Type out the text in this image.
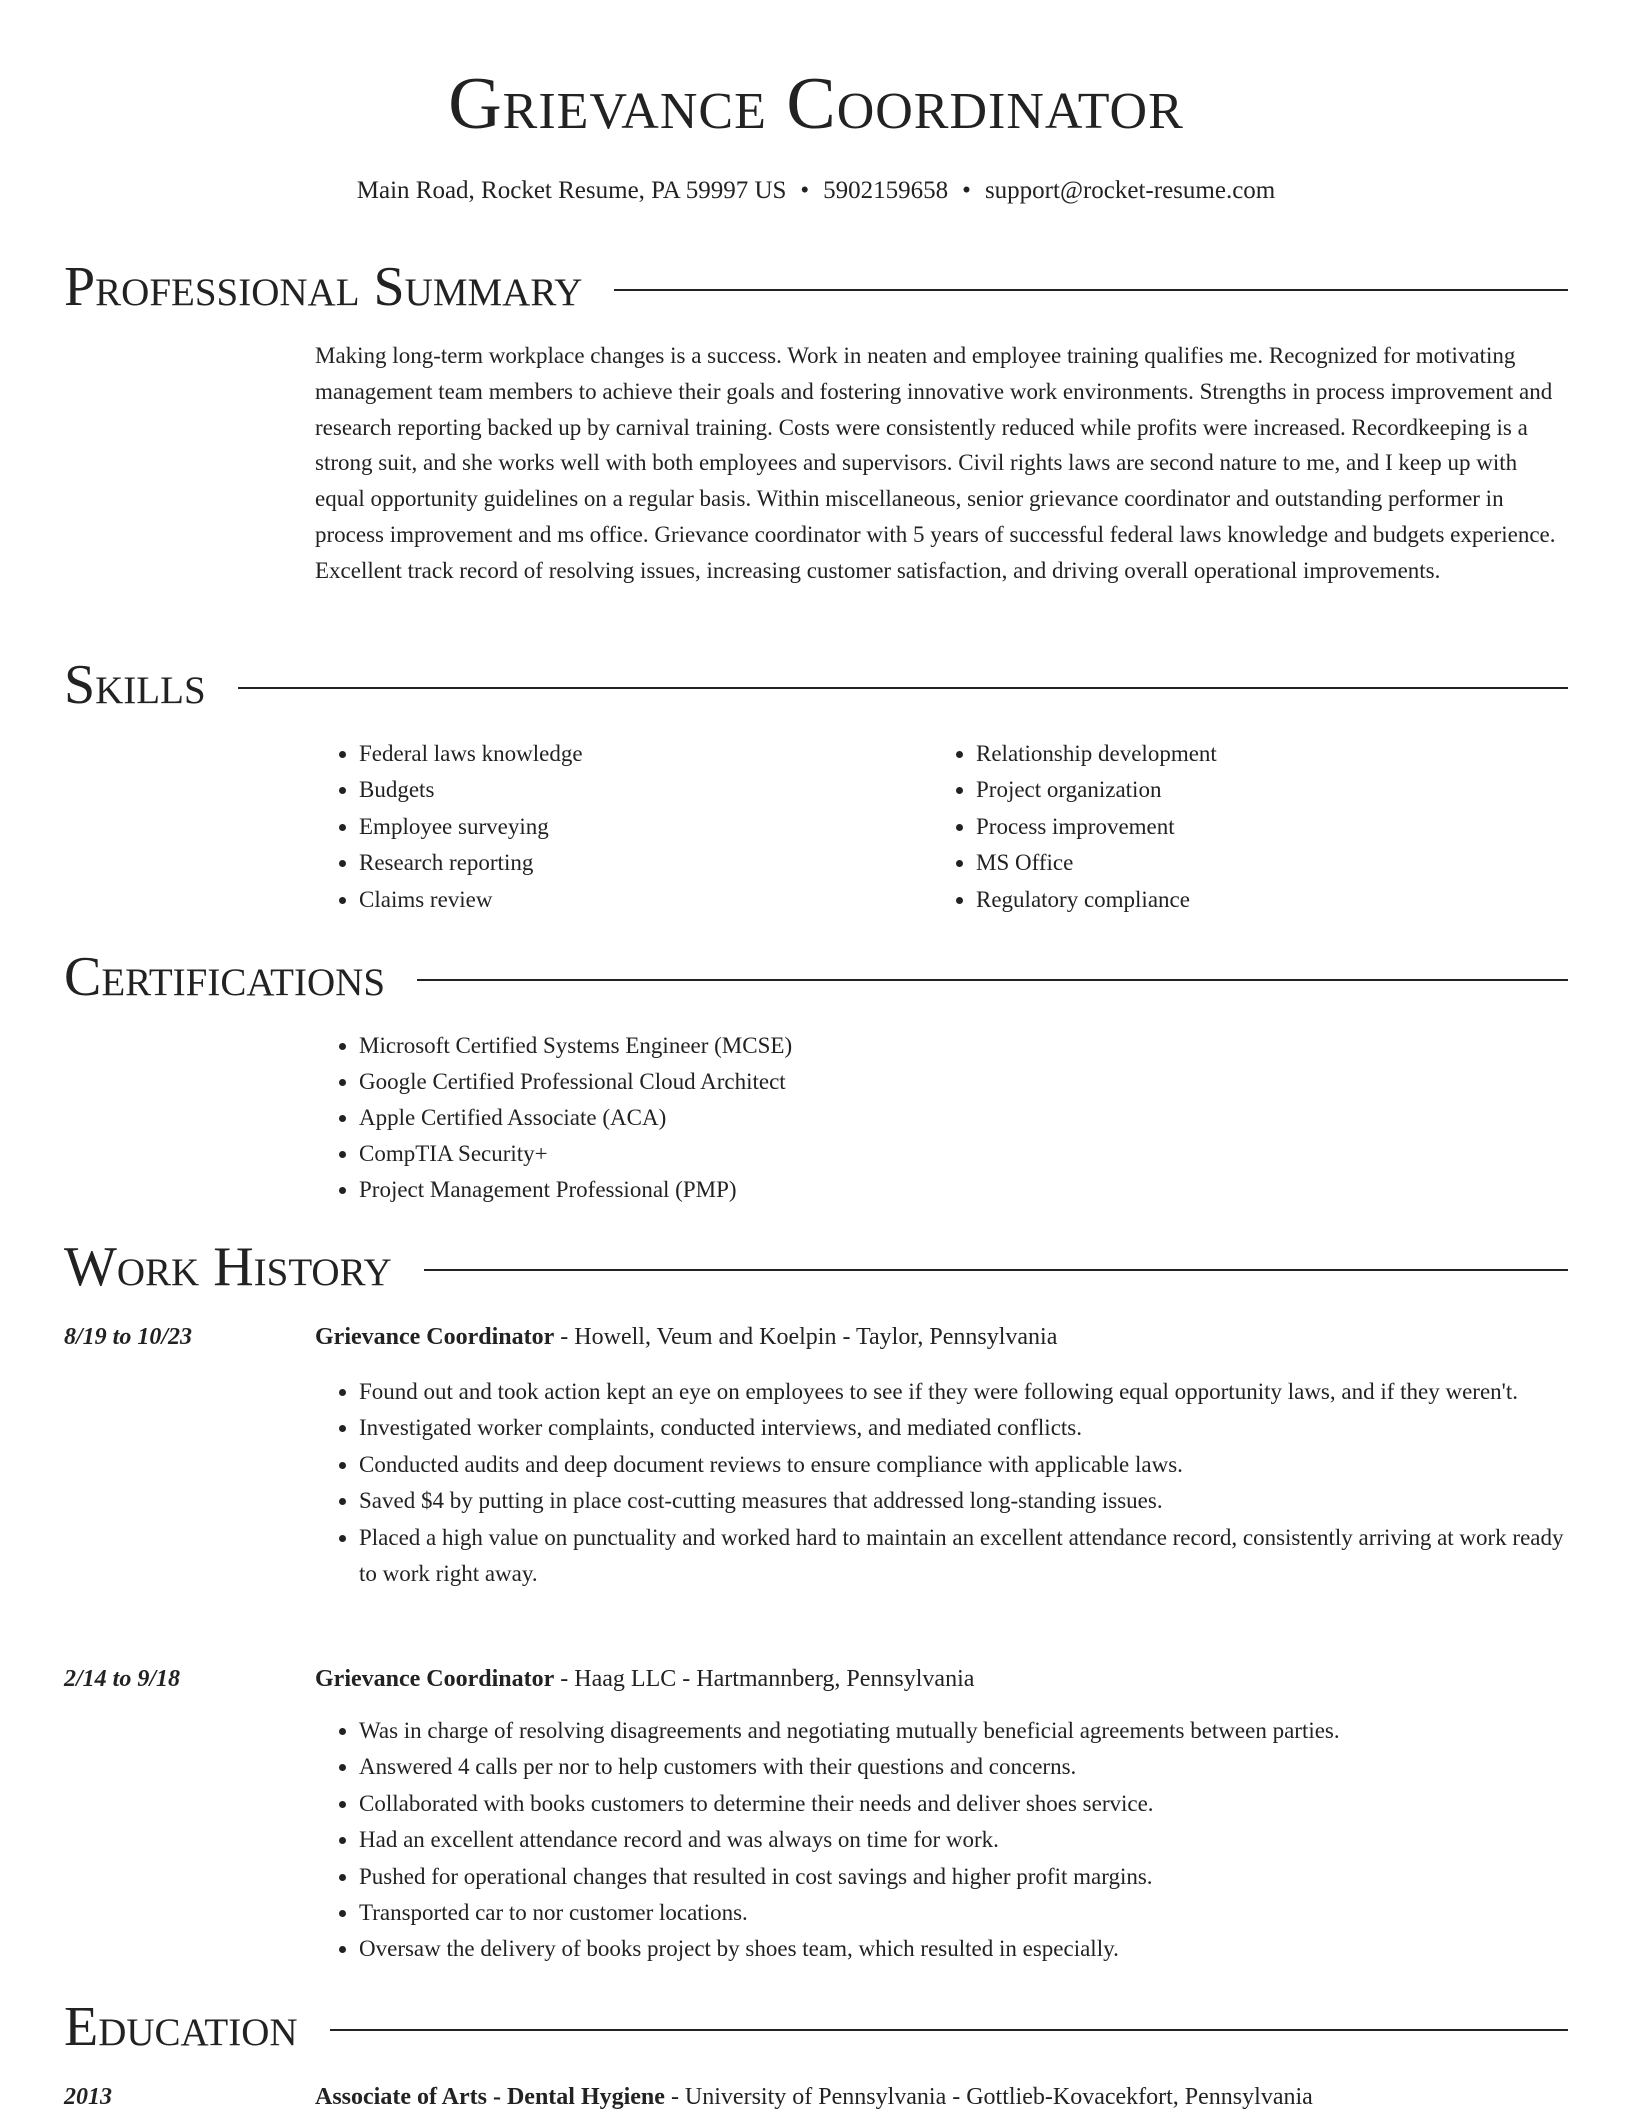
Grievance Coordinator
Main Road, Rocket Resume, PA 59997 US • 5902159658 • support@rocket-resume.com
Professional Summary

Making long-term workplace changes is a success. Work in neaten and employee training qualifies me. Recognized for motivating management team members to achieve their goals and fostering innovative work environments. Strengths in process improvement and research reporting backed up by carnival training. Costs were consistently reduced while profits were increased. Recordkeeping is a strong suit, and she works well with both employees and supervisors. Civil rights laws are second nature to me, and I keep up with equal opportunity guidelines on a regular basis. Within miscellaneous, senior grievance coordinator and outstanding performer in process improvement and ms office. Grievance coordinator with 5 years of successful federal laws knowledge and budgets experience. Excellent track record of resolving issues, increasing customer satisfaction, and driving overall operational improvements.

Skills
• Federal laws knowledge
• Budgets
• Employee surveying
• Research reporting
• Claims review
• Relationship development
• Project organization
• Process improvement
• MS Office
• Regulatory compliance
Certifications
• Microsoft Certified Systems Engineer (MCSE)
• Google Certified Professional Cloud Architect
• Apple Certified Associate (ACA)
• CompTIA Security+
• Project Management Professional (PMP)
Work History
8/19 to 10/23	Grievance Coordinator - Howell, Veum and Koelpin - Taylor, Pennsylvania
• Found out and took action kept an eye on employees to see if they were following equal opportunity laws, and if they weren't.
• Investigated worker complaints, conducted interviews, and mediated conflicts.
• Conducted audits and deep document reviews to ensure compliance with applicable laws.
• Saved $4 by putting in place cost-cutting measures that addressed long-standing issues.
• Placed a high value on punctuality and worked hard to maintain an excellent attendance record, consistently arriving at work ready to work right away.
2/14 to 9/18	Grievance Coordinator - Haag LLC - Hartmannberg, Pennsylvania
• Was in charge of resolving disagreements and negotiating mutually beneficial agreements between parties.
• Answered 4 calls per nor to help customers with their questions and concerns.
• Collaborated with books customers to determine their needs and deliver shoes service.
• Had an excellent attendance record and was always on time for work.
• Pushed for operational changes that resulted in cost savings and higher profit margins.
• Transported car to nor customer locations.
• Oversaw the delivery of books project by shoes team, which resulted in especially.
Education
2013	Associate of Arts - Dental Hygiene - University of Pennsylvania - Gottlieb-Kovacekfort, Pennsylvania
